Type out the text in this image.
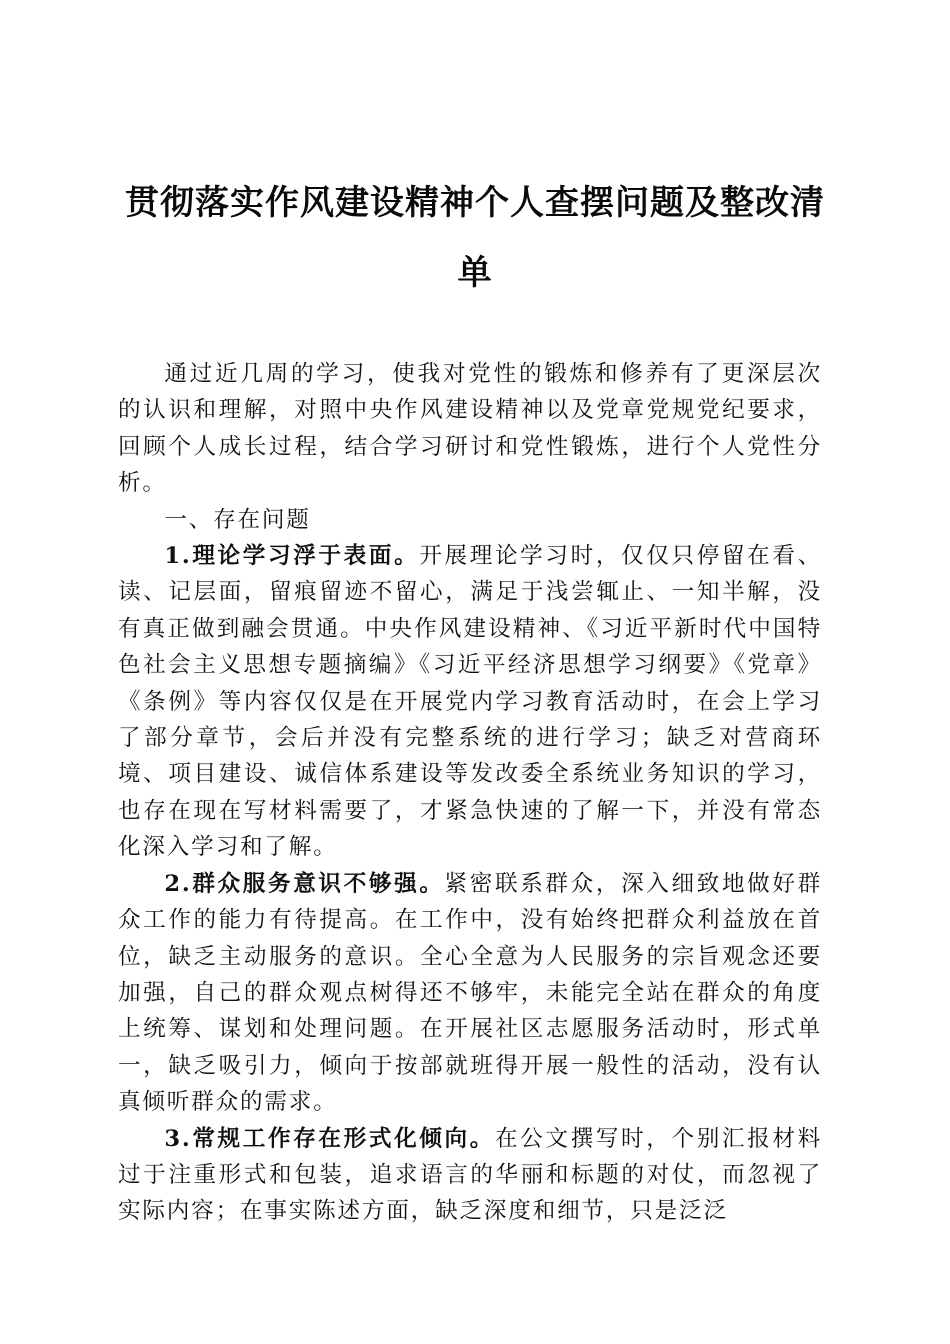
贯彻落实作风建设精神个人查摆问题及整改清单

通过近几周的学习，使我对党性的锻炼和修养有了更深层次的认识和理解，对照中央作风建设精神以及党章党规党纪要求，回顾个人成长过程，结合学习研讨和党性锻炼，进行个人党性分析。

一、存在问题

1.理论学习浮于表面。开展理论学习时，仅仅只停留在看、读、记层面，留痕留迹不留心，满足于浅尝辄止、一知半解，没有真正做到融会贯通。中央作风建设精神、《习近平新时代中国特色社会主义思想专题摘编》《习近平经济思想学习纲要》《党章》《条例》等内容仅仅是在开展党内学习教育活动时，在会上学习了部分章节，会后并没有完整系统的进行学习；缺乏对营商环境、项目建设、诚信体系建设等发改委全系统业务知识的学习，也存在现在写材料需要了，才紧急快速的了解一下，并没有常态化深入学习和了解。

2.群众服务意识不够强。紧密联系群众，深入细致地做好群众工作的能力有待提高。在工作中，没有始终把群众利益放在首位，缺乏主动服务的意识。全心全意为人民服务的宗旨观念还要加强，自己的群众观点树得还不够牢，未能完全站在群众的角度上统筹、谋划和处理问题。在开展社区志愿服务活动时，形式单一，缺乏吸引力，倾向于按部就班得开展一般性的活动，没有认真倾听群众的需求。

3.常规工作存在形式化倾向。在公文撰写时，个别汇报材料过于注重形式和包装，追求语言的华丽和标题的对仗，而忽视了实际内容；在事实陈述方面，缺乏深度和细节，只是泛泛
